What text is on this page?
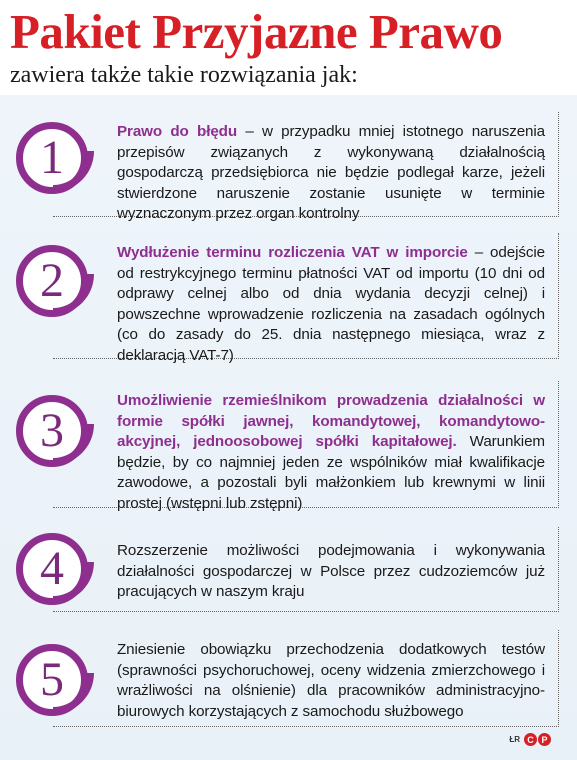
Pakiet Przyjazne Prawo
zawiera także takie rozwiązania jak:
1	Prawo do błędu – w przypadku mniej istotnego naruszenia przepisów związanych z wykonywaną działalnością gospodarczą przedsiębiorca nie będzie podlegał karze, jeżeli stwierdzone naruszenie zostanie usunięte w terminie wyznaczonym przez organ kontrolny
2
Wydłużenie terminu rozliczenia VAT w imporcie – odejście od restrykcyjnego terminu płatności VAT od importu (10 dni od odprawy celnej albo od dnia wydania decyzji celnej) i powszechne wprowadzenie rozliczenia na zasadach ogólnych (co do zasady do 25. dnia następnego miesiąca, wraz z deklaracją VAT-7)
3
Umożliwienie rzemieślnikom prowadzenia działalności w formie spółki jawnej, komandytowej, komandytowo-akcyjnej, jednoosobowej spółki kapitałowej. Warunkiem będzie, by co najmniej jeden ze wspólników miał kwalifikacje zawodowe, a pozostali byli małżonkiem lub krewnymi w linii prostej (wstępni lub zstępni)
4	Rozszerzenie możliwości podejmowania i wykonywania działalności gospodarczej w Polsce przez cudzoziemców już pracujących w naszym kraju
5
Zniesienie obowiązku przechodzenia dodatkowych testów (sprawności psychoruchowej, oceny widzenia zmierzchowego i wrażliwości na olśnienie) dla pracowników administracyjno-biurowych korzystających z samochodu służbowego
ŁR C P
